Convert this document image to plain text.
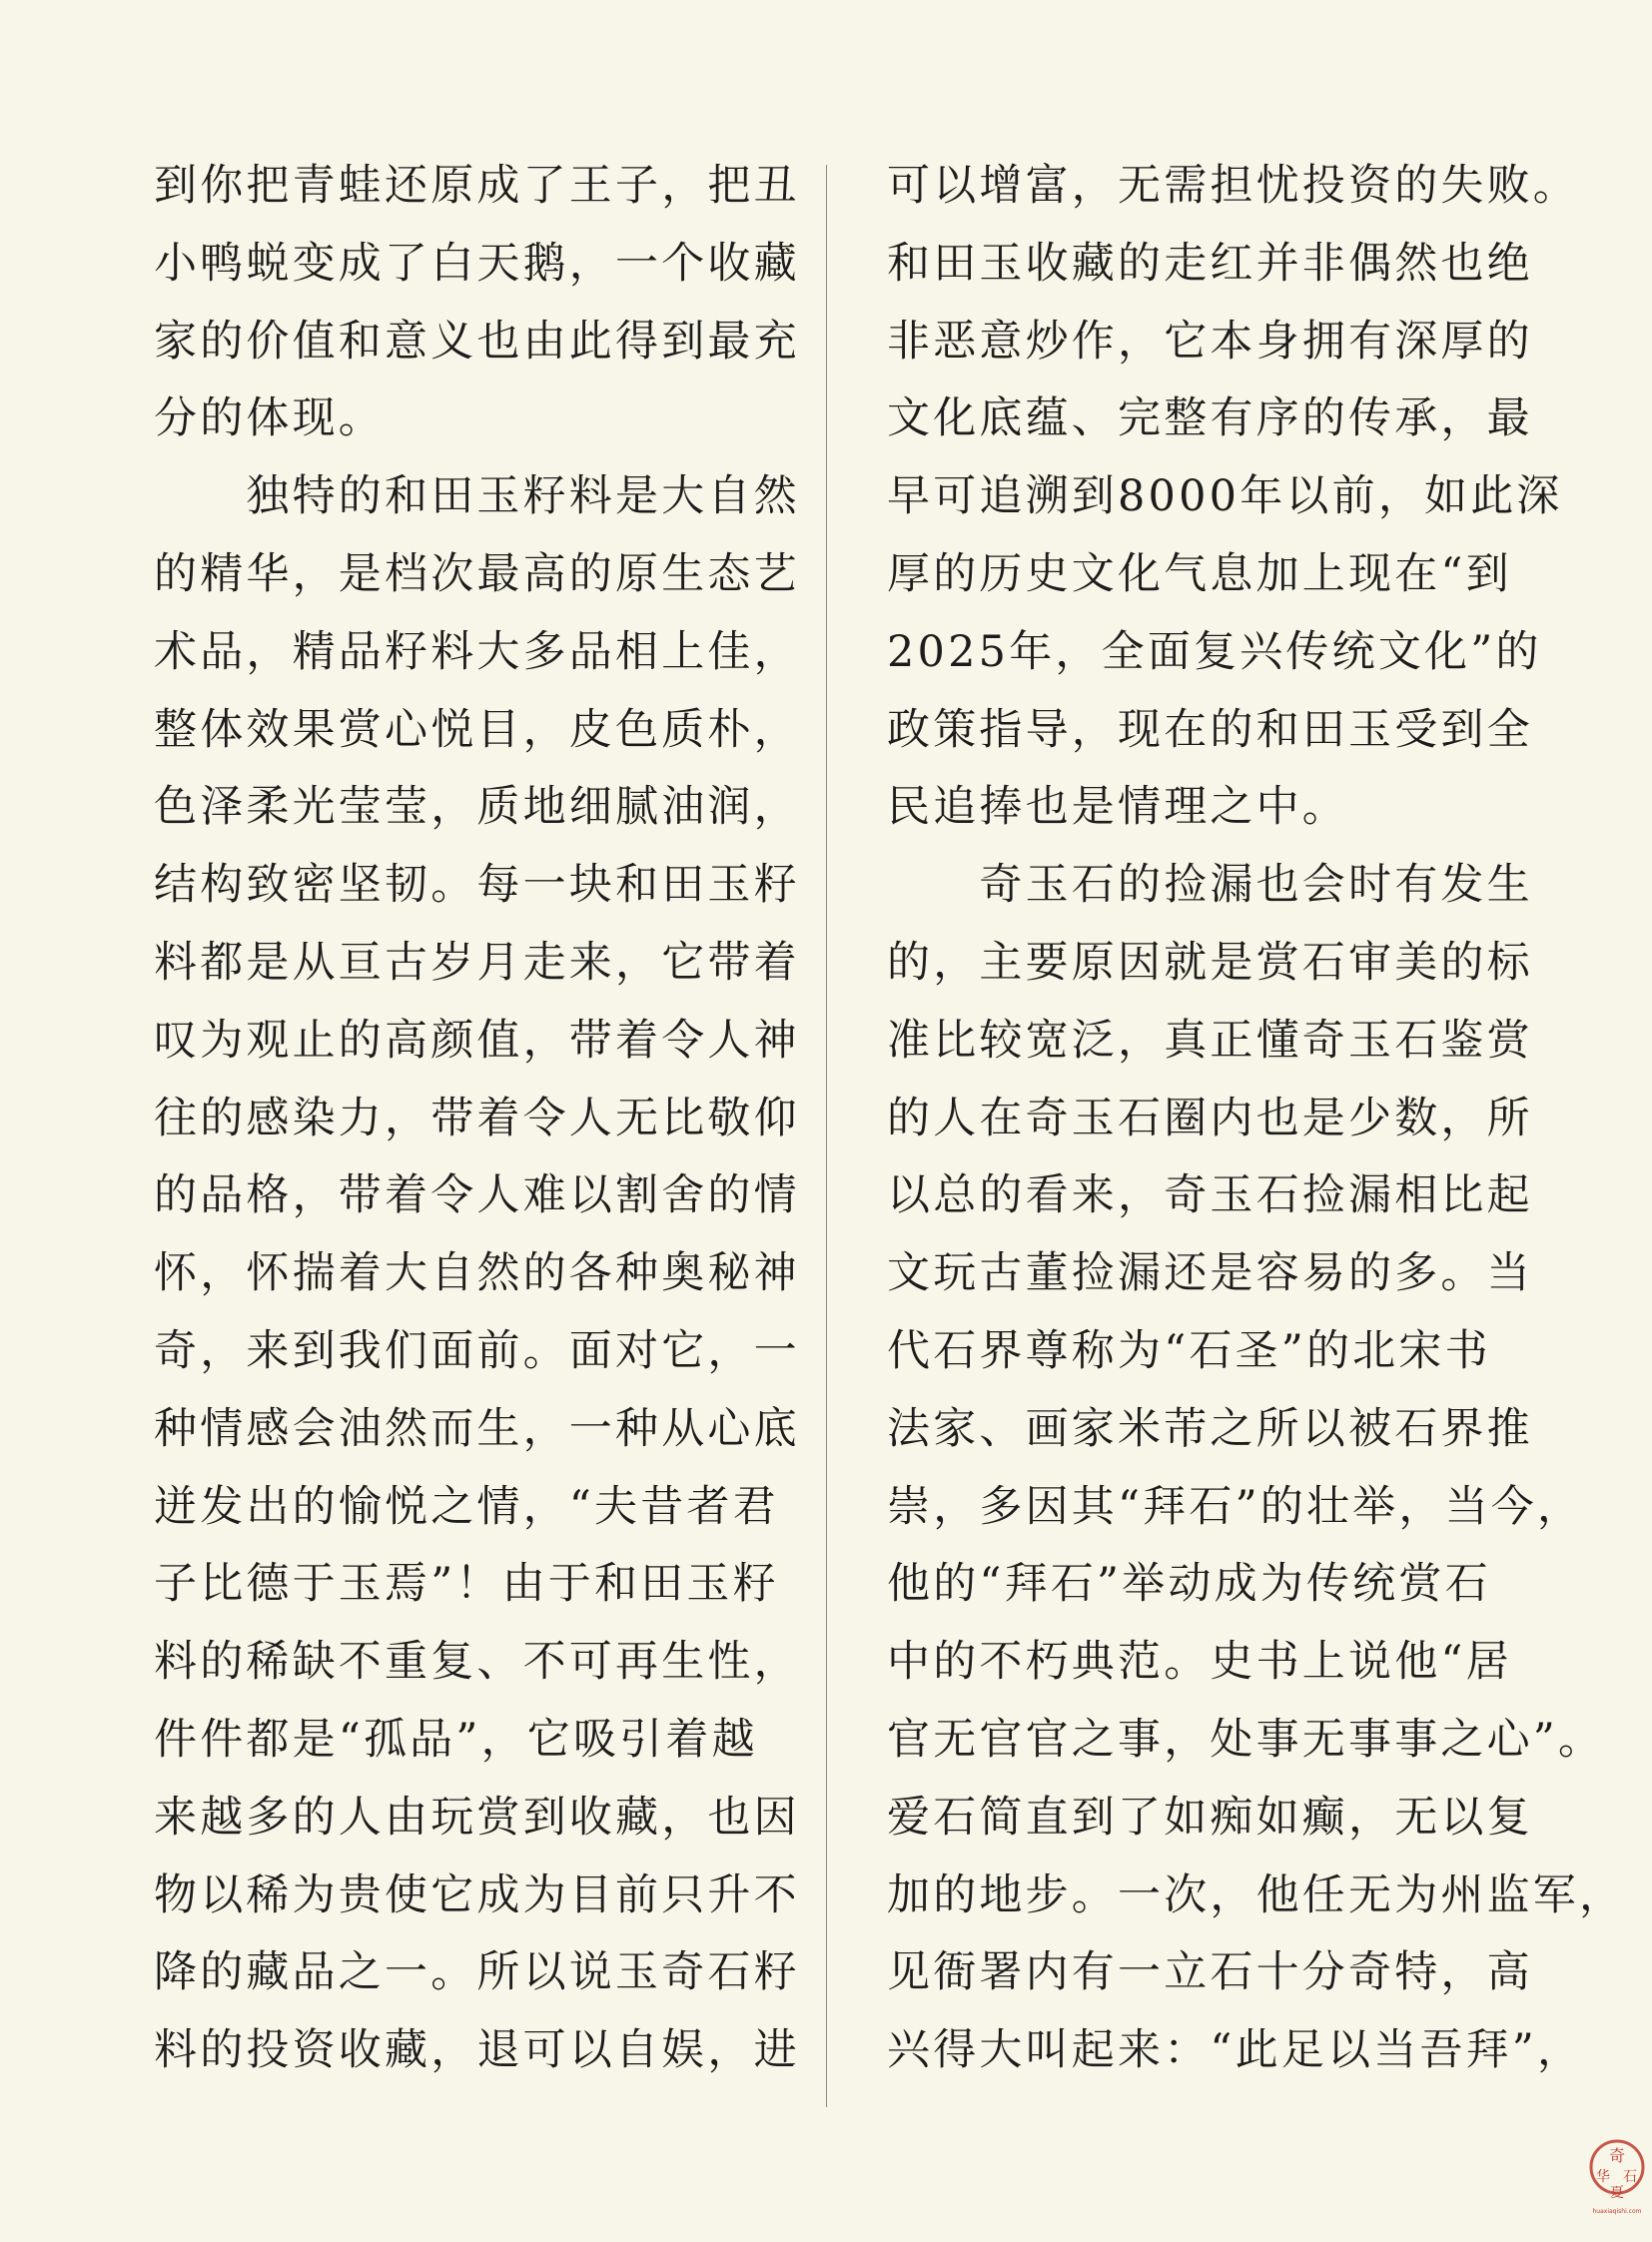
到你把青蛙还原成了王子，把丑
小鸭蜕变成了白天鹅，一个收藏
家的价值和意义也由此得到最充
分的体现。
　　独特的和田玉籽料是大自然
的精华，是档次最高的原生态艺
术品，精品籽料大多品相上佳，
整体效果赏心悦目，皮色质朴，
色泽柔光莹莹，质地细腻油润，
结构致密坚韧。每一块和田玉籽
料都是从亘古岁月走来，它带着
叹为观止的高颜值，带着令人神
往的感染力，带着令人无比敬仰
的品格，带着令人难以割舍的情
怀，怀揣着大自然的各种奥秘神
奇，来到我们面前。面对它，一
种情感会油然而生，一种从心底
迸发出的愉悦之情，“夫昔者君
子比德于玉焉”！由于和田玉籽
料的稀缺不重复、不可再生性，
件件都是“孤品”，它吸引着越
来越多的人由玩赏到收藏，也因
物以稀为贵使它成为目前只升不
降的藏品之一。所以说玉奇石籽
料的投资收藏，退可以自娱，进
可以增富，无需担忧投资的失败。
和田玉收藏的走红并非偶然也绝
非恶意炒作，它本身拥有深厚的
文化底蕴、完整有序的传承，最
早可追溯到8000年以前，如此深
厚的历史文化气息加上现在“到
2025年，全面复兴传统文化”的
政策指导，现在的和田玉受到全
民追捧也是情理之中。
　　奇玉石的捡漏也会时有发生
的，主要原因就是赏石审美的标
准比较宽泛，真正懂奇玉石鉴赏
的人在奇玉石圈内也是少数，所
以总的看来，奇玉石捡漏相比起
文玩古董捡漏还是容易的多。当
代石界尊称为“石圣”的北宋书
法家、画家米芾之所以被石界推
崇，多因其“拜石”的壮举，当今，
他的“拜石”举动成为传统赏石
中的不朽典范。史书上说他“居
官无官官之事，处事无事事之心”。
爱石简直到了如痴如癫，无以复
加的地步。一次，他任无为州监军，
见衙署内有一立石十分奇特，高
兴得大叫起来：“此足以当吾拜”，
奇
华 石
夏
huaxiaqishi.com
